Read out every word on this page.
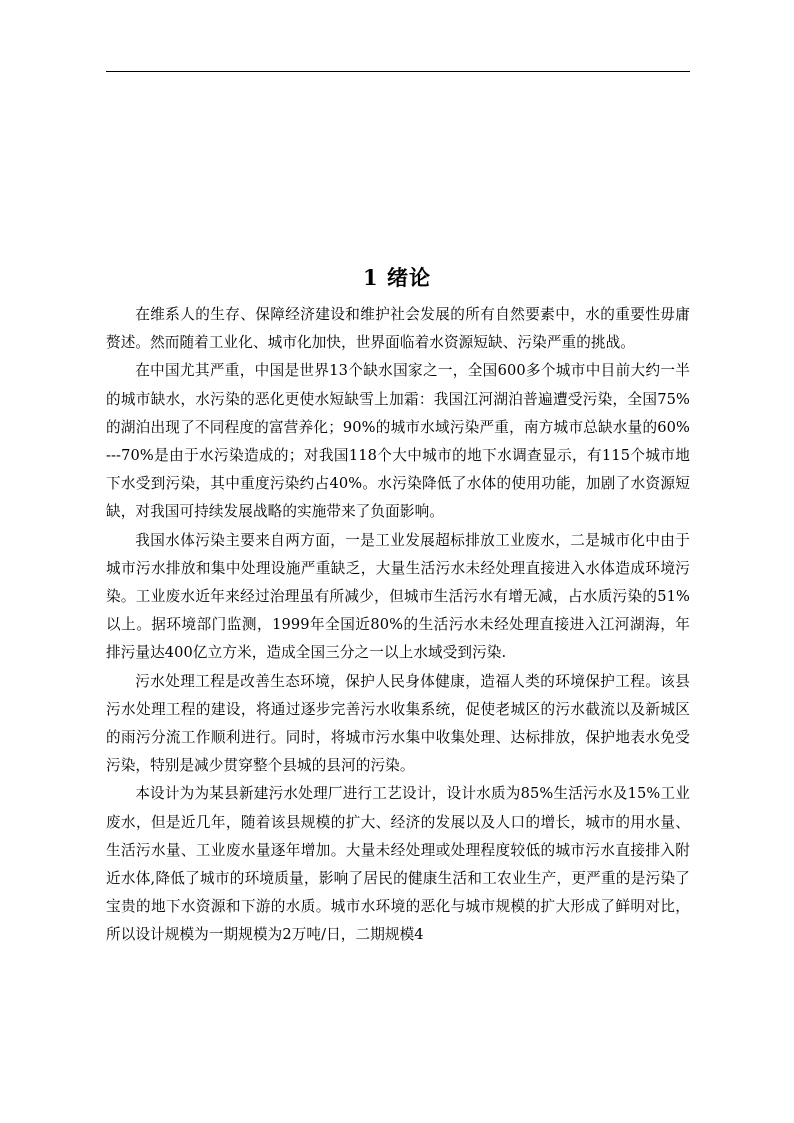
1 绪论

在维系人的生存、保障经济建设和维护社会发展的所有自然要素中，水的重要性毋庸赘述。然而随着工业化、城市化加快，世界面临着水资源短缺、污染严重的挑战。

在中国尤其严重，中国是世界13个缺水国家之一，全国600多个城市中目前大约一半的城市缺水，水污染的恶化更使水短缺雪上加霜：我国江河湖泊普遍遭受污染，全国75%的湖泊出现了不同程度的富营养化；90%的城市水域污染严重，南方城市总缺水量的60%---70%是由于水污染造成的；对我国118个大中城市的地下水调查显示，有115个城市地下水受到污染，其中重度污染约占40%。水污染降低了水体的使用功能，加剧了水资源短缺，对我国可持续发展战略的实施带来了负面影响。

我国水体污染主要来自两方面，一是工业发展超标排放工业废水，二是城市化中由于城市污水排放和集中处理设施严重缺乏，大量生活污水未经处理直接进入水体造成环境污染。工业废水近年来经过治理虽有所减少，但城市生活污水有增无减，占水质污染的51%以上。据环境部门监测，1999年全国近80%的生活污水未经处理直接进入江河湖海，年排污量达400亿立方米，造成全国三分之一以上水域受到污染.

污水处理工程是改善生态环境，保护人民身体健康，造福人类的环境保护工程。该县污水处理工程的建设，将通过逐步完善污水收集系统，促使老城区的污水截流以及新城区的雨污分流工作顺利进行。同时，将城市污水集中收集处理、达标排放，保护地表水免受污染，特别是减少贯穿整个县城的县河的污染。

本设计为为某县新建污水处理厂进行工艺设计，设计水质为85%生活污水及15%工业废水，但是近几年，随着该县规模的扩大、经济的发展以及人口的增长，城市的用水量、生活污水量、工业废水量逐年增加。大量未经处理或处理程度较低的城市污水直接排入附近水体,降低了城市的环境质量，影响了居民的健康生活和工农业生产，更严重的是污染了宝贵的地下水资源和下游的水质。城市水环境的恶化与城市规模的扩大形成了鲜明对比，所以设计规模为一期规模为2万吨/日，二期规模4
